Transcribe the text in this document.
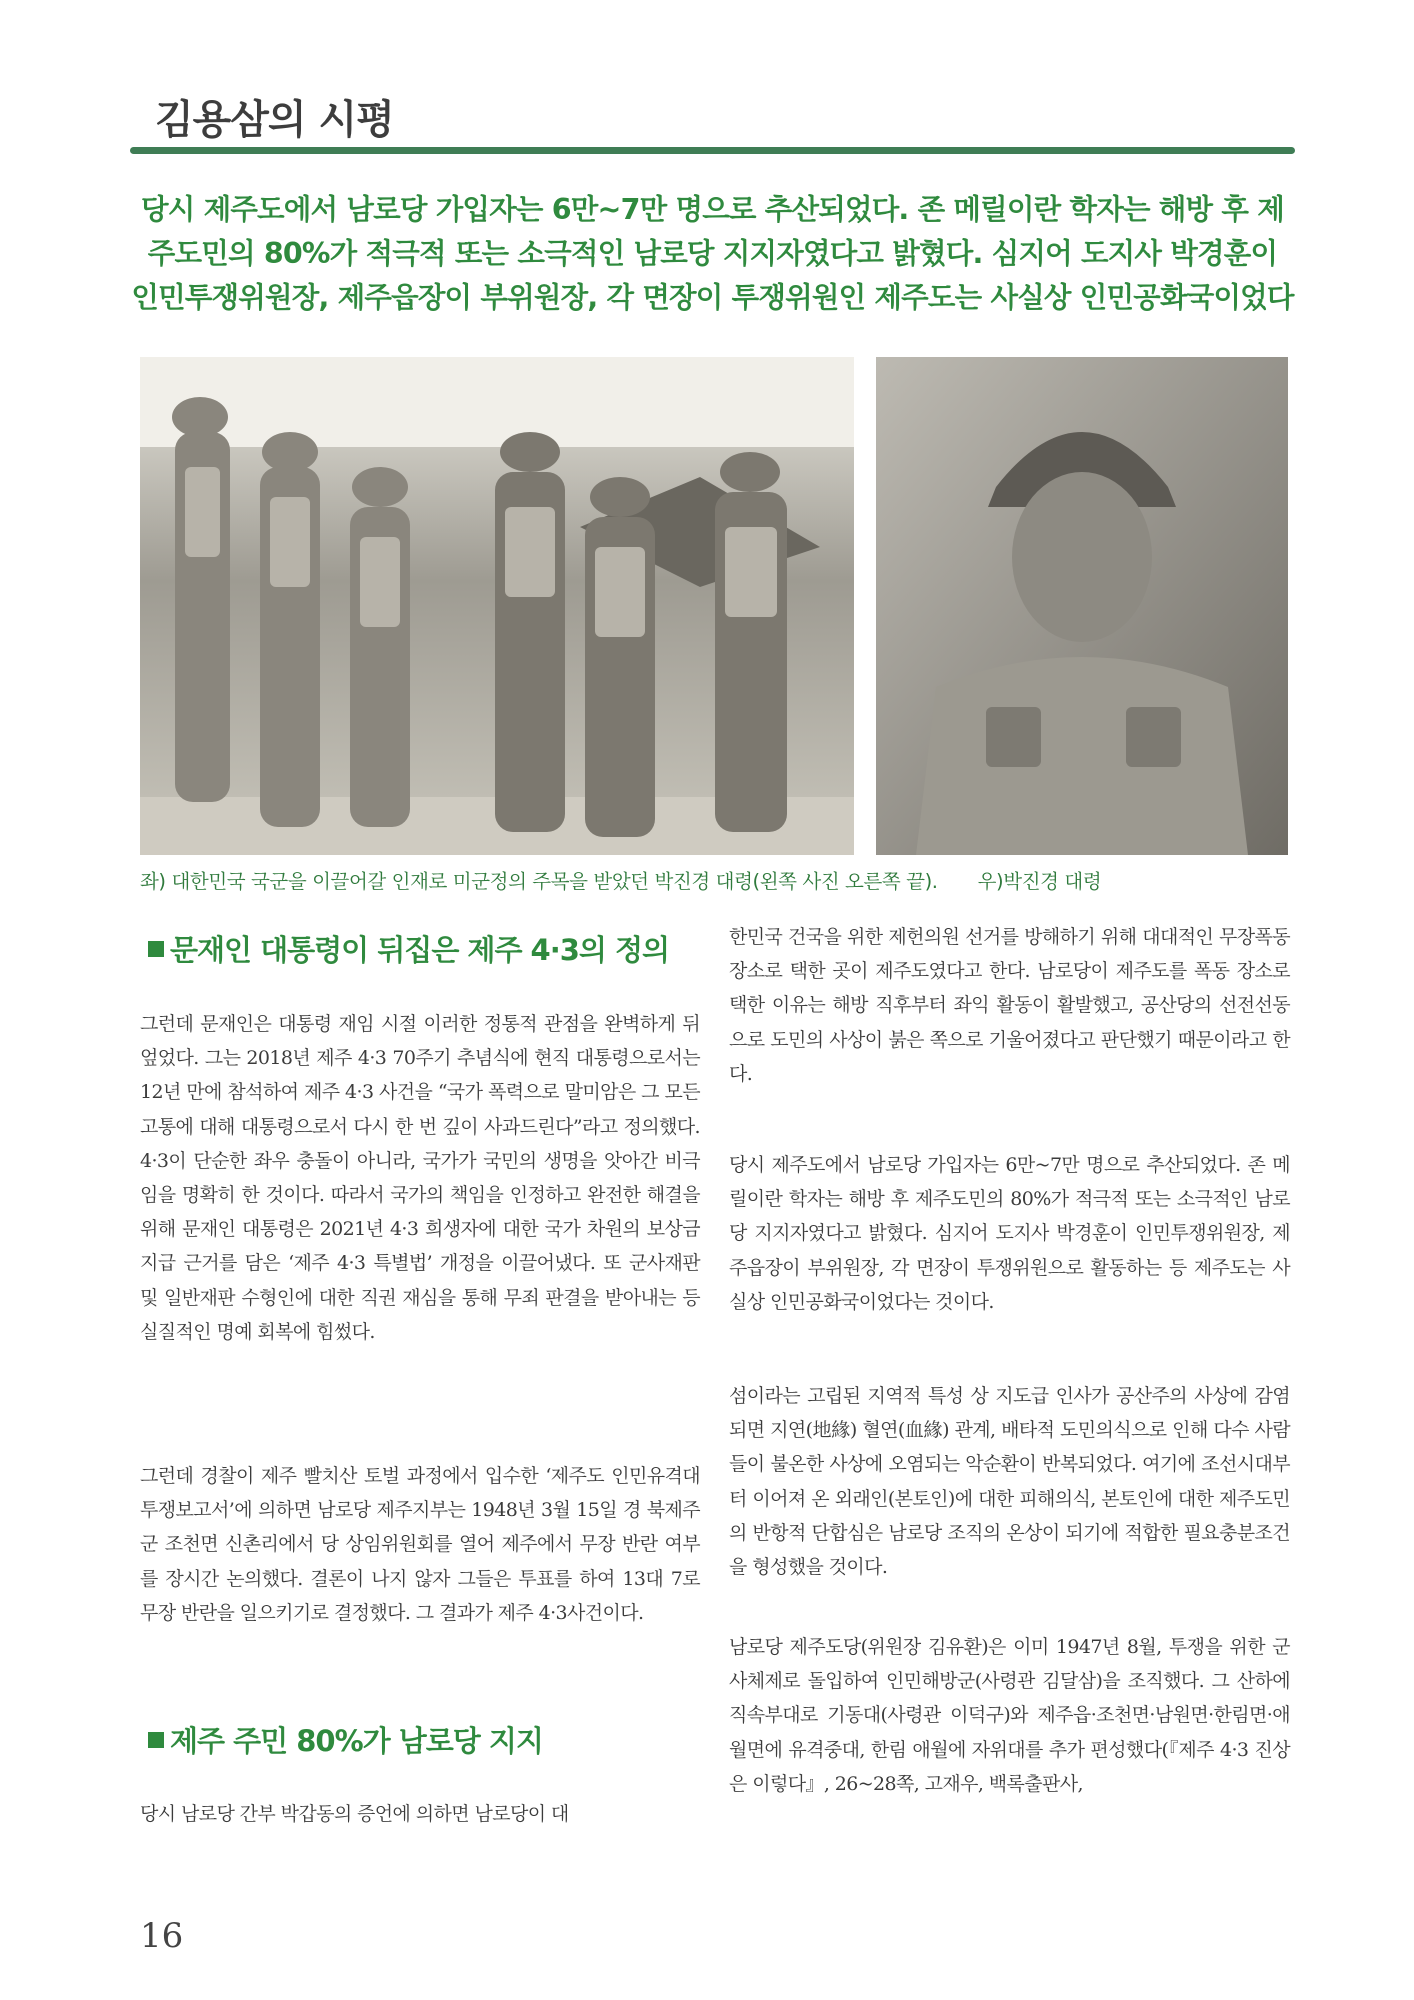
김용삼의 시평

당시 제주도에서 남로당 가입자는 6만~7만 명으로 추산되었다. 존 메릴이란 학자는 해방 후 제주도민의 80%가 적극적 또는 소극적인 남로당 지지자였다고 밝혔다. 심지어 도지사 박경훈이 인민투쟁위원장, 제주읍장이 부위원장, 각 면장이 투쟁위원인 제주도는 사실상 인민공화국이었다

좌) 대한민국 국군을 이끌어갈 인재로 미군정의 주목을 받았던 박진경 대령(왼쪽 사진 오른쪽 끝). 우)박진경 대령
문재인 대통령이 뒤집은 제주 4·3의 정의

그런데 문재인은 대통령 재임 시절 이러한 정통적 관점을 완벽하게 뒤엎었다. 그는 2018년 제주 4·3 70주기 추념식에 현직 대통령으로서는 12년 만에 참석하여 제주 4·3 사건을 “국가 폭력으로 말미암은 그 모든 고통에 대해 대통령으로서 다시 한 번 깊이 사과드린다”라고 정의했다. 4·3이 단순한 좌우 충돌이 아니라, 국가가 국민의 생명을 앗아간 비극임을 명확히 한 것이다. 따라서 국가의 책임을 인정하고 완전한 해결을 위해 문재인 대통령은 2021년 4·3 희생자에 대한 국가 차원의 보상금 지급 근거를 담은 ‘제주 4·3 특별법’ 개정을 이끌어냈다. 또 군사재판 및 일반재판 수형인에 대한 직권 재심을 통해 무죄 판결을 받아내는 등 실질적인 명예 회복에 힘썼다.

그런데 경찰이 제주 빨치산 토벌 과정에서 입수한 ‘제주도 인민유격대 투쟁보고서’에 의하면 남로당 제주지부는 1948년 3월 15일 경 북제주군 조천면 신촌리에서 당 상임위원회를 열어 제주에서 무장 반란 여부를 장시간 논의했다. 결론이 나지 않자 그들은 투표를 하여 13대 7로 무장 반란을 일으키기로 결정했다. 그 결과가 제주 4·3사건이다.

제주 주민 80%가 남로당 지지

당시 남로당 간부 박갑동의 증언에 의하면 남로당이 대

한민국 건국을 위한 제헌의원 선거를 방해하기 위해 대대적인 무장폭동 장소로 택한 곳이 제주도였다고 한다. 남로당이 제주도를 폭동 장소로 택한 이유는 해방 직후부터 좌익 활동이 활발했고, 공산당의 선전선동으로 도민의 사상이 붉은 쪽으로 기울어졌다고 판단했기 때문이라고 한다.

당시 제주도에서 남로당 가입자는 6만~7만 명으로 추산되었다. 존 메릴이란 학자는 해방 후 제주도민의 80%가 적극적 또는 소극적인 남로당 지지자였다고 밝혔다. 심지어 도지사 박경훈이 인민투쟁위원장, 제주읍장이 부위원장, 각 면장이 투쟁위원으로 활동하는 등 제주도는 사실상 인민공화국이었다는 것이다.

섬이라는 고립된 지역적 특성 상 지도급 인사가 공산주의 사상에 감염되면 지연(地緣) 혈연(血緣) 관계, 배타적 도민의식으로 인해 다수 사람들이 불온한 사상에 오염되는 악순환이 반복되었다. 여기에 조선시대부터 이어져 온 외래인(본토인)에 대한 피해의식, 본토인에 대한 제주도민의 반항적 단합심은 남로당 조직의 온상이 되기에 적합한 필요충분조건을 형성했을 것이다.

남로당 제주도당(위원장 김유환)은 이미 1947년 8월, 투쟁을 위한 군사체제로 돌입하여 인민해방군(사령관 김달삼)을 조직했다. 그 산하에 직속부대로 기동대(사령관 이덕구)와 제주읍·조천면·남원면·한림면·애월면에 유격중대, 한림 애월에 자위대를 추가 편성했다(『제주 4·3 진상은 이렇다』, 26~28쪽, 고재우, 백록출판사,

16
